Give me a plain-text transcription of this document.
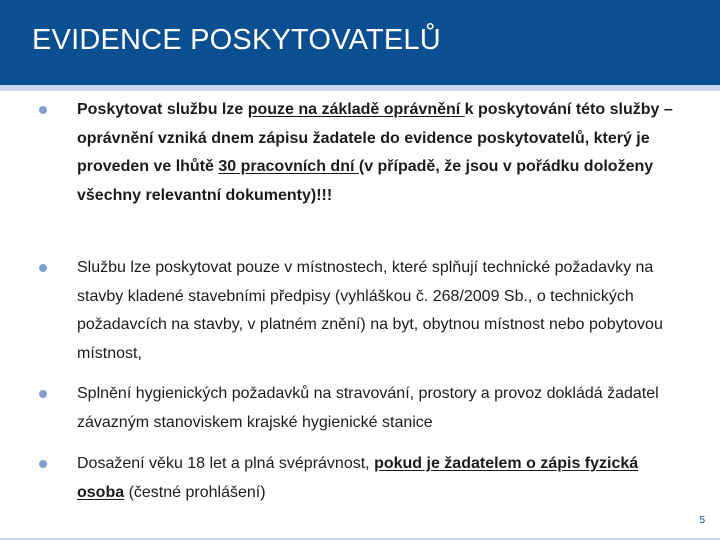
EVIDENCE POSKYTOVATELŮ

Poskytovat službu lze pouze na základě oprávnění k poskytování této služby – oprávnění vzniká dnem zápisu žadatele do evidence poskytovatelů, který je proveden ve lhůtě 30 pracovních dní (v případě, že jsou v pořádku doloženy všechny relevantní dokumenty)!!!

Službu lze poskytovat pouze v místnostech, které splňují technické požadavky na stavby kladené stavebními předpisy (vyhláškou č. 268/2009 Sb., o technických požadavcích na stavby, v platném znění) na byt, obytnou místnost nebo pobytovou místnost,

Splnění hygienických požadavků na stravování, prostory a provoz dokládá žadatel závazným stanoviskem krajské hygienické stanice

Dosažení věku 18 let a plná svéprávnost, pokud je žadatelem o zápis fyzická osoba (čestné prohlášení)

5
